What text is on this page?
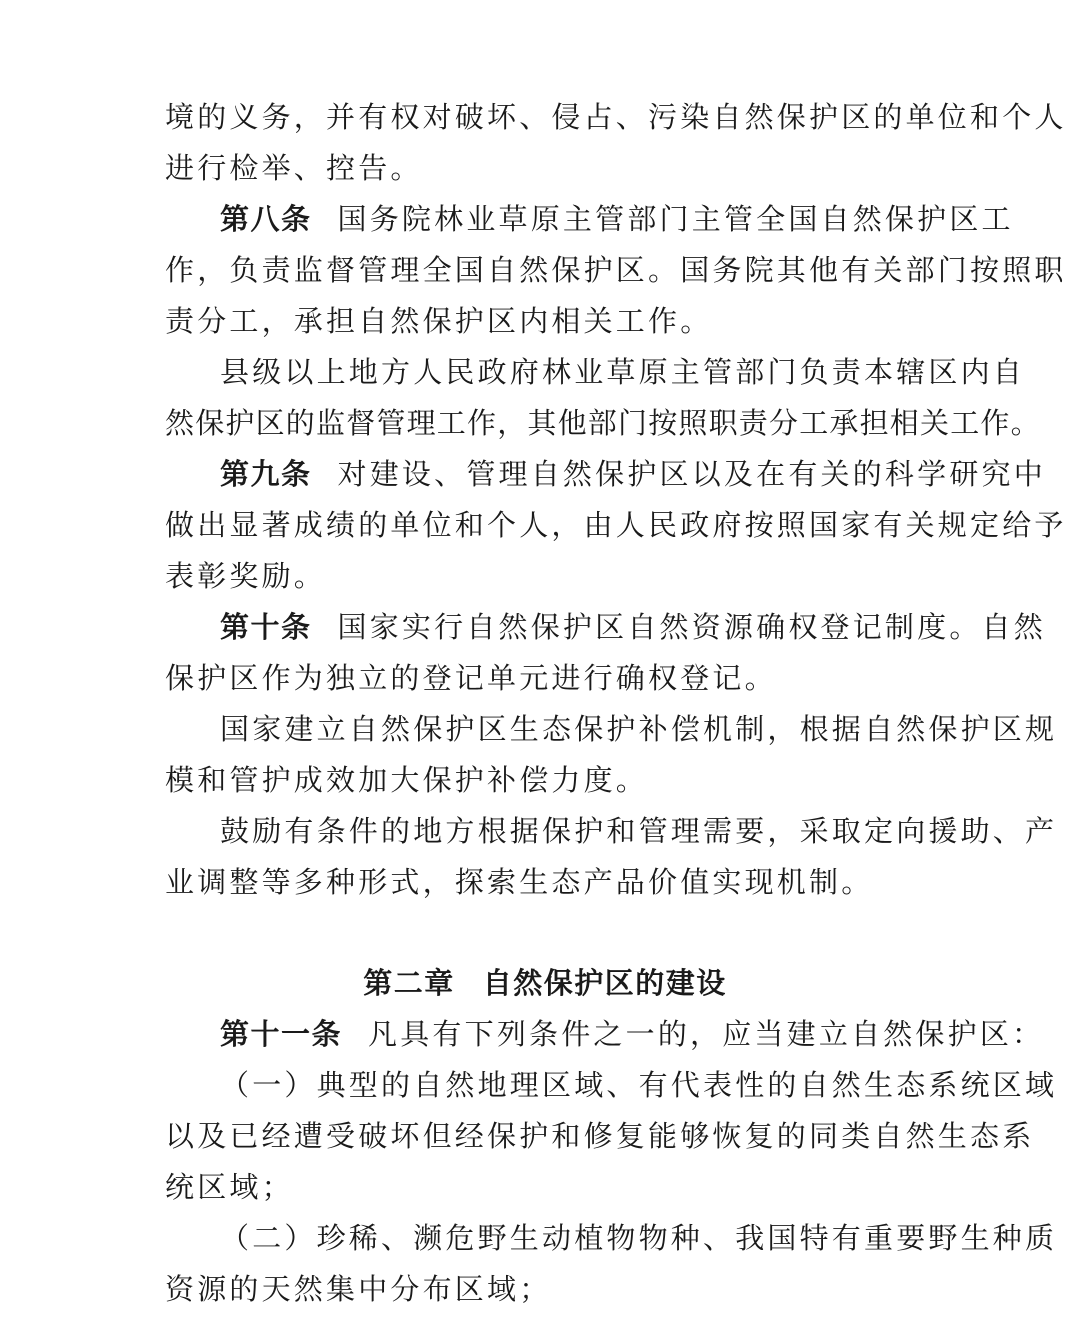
境的义务，并有权对破坏、侵占、污染自然保护区的单位和个人
进行检举、控告。
第八条 国务院林业草原主管部门主管全国自然保护区工
作，负责监督管理全国自然保护区。国务院其他有关部门按照职
责分工，承担自然保护区内相关工作。
县级以上地方人民政府林业草原主管部门负责本辖区内自
然保护区的监督管理工作，其他部门按照职责分工承担相关工作。
第九条 对建设、管理自然保护区以及在有关的科学研究中
做出显著成绩的单位和个人，由人民政府按照国家有关规定给予
表彰奖励。
第十条 国家实行自然保护区自然资源确权登记制度。自然
保护区作为独立的登记单元进行确权登记。
国家建立自然保护区生态保护补偿机制，根据自然保护区规
模和管护成效加大保护补偿力度。
鼓励有条件的地方根据保护和管理需要，采取定向援助、产
业调整等多种形式，探索生态产品价值实现机制。
第二章 自然保护区的建设
第十一条 凡具有下列条件之一的，应当建立自然保护区：
（一）典型的自然地理区域、有代表性的自然生态系统区域
以及已经遭受破坏但经保护和修复能够恢复的同类自然生态系
统区域；
（二）珍稀、濒危野生动植物物种、我国特有重要野生种质
资源的天然集中分布区域；
